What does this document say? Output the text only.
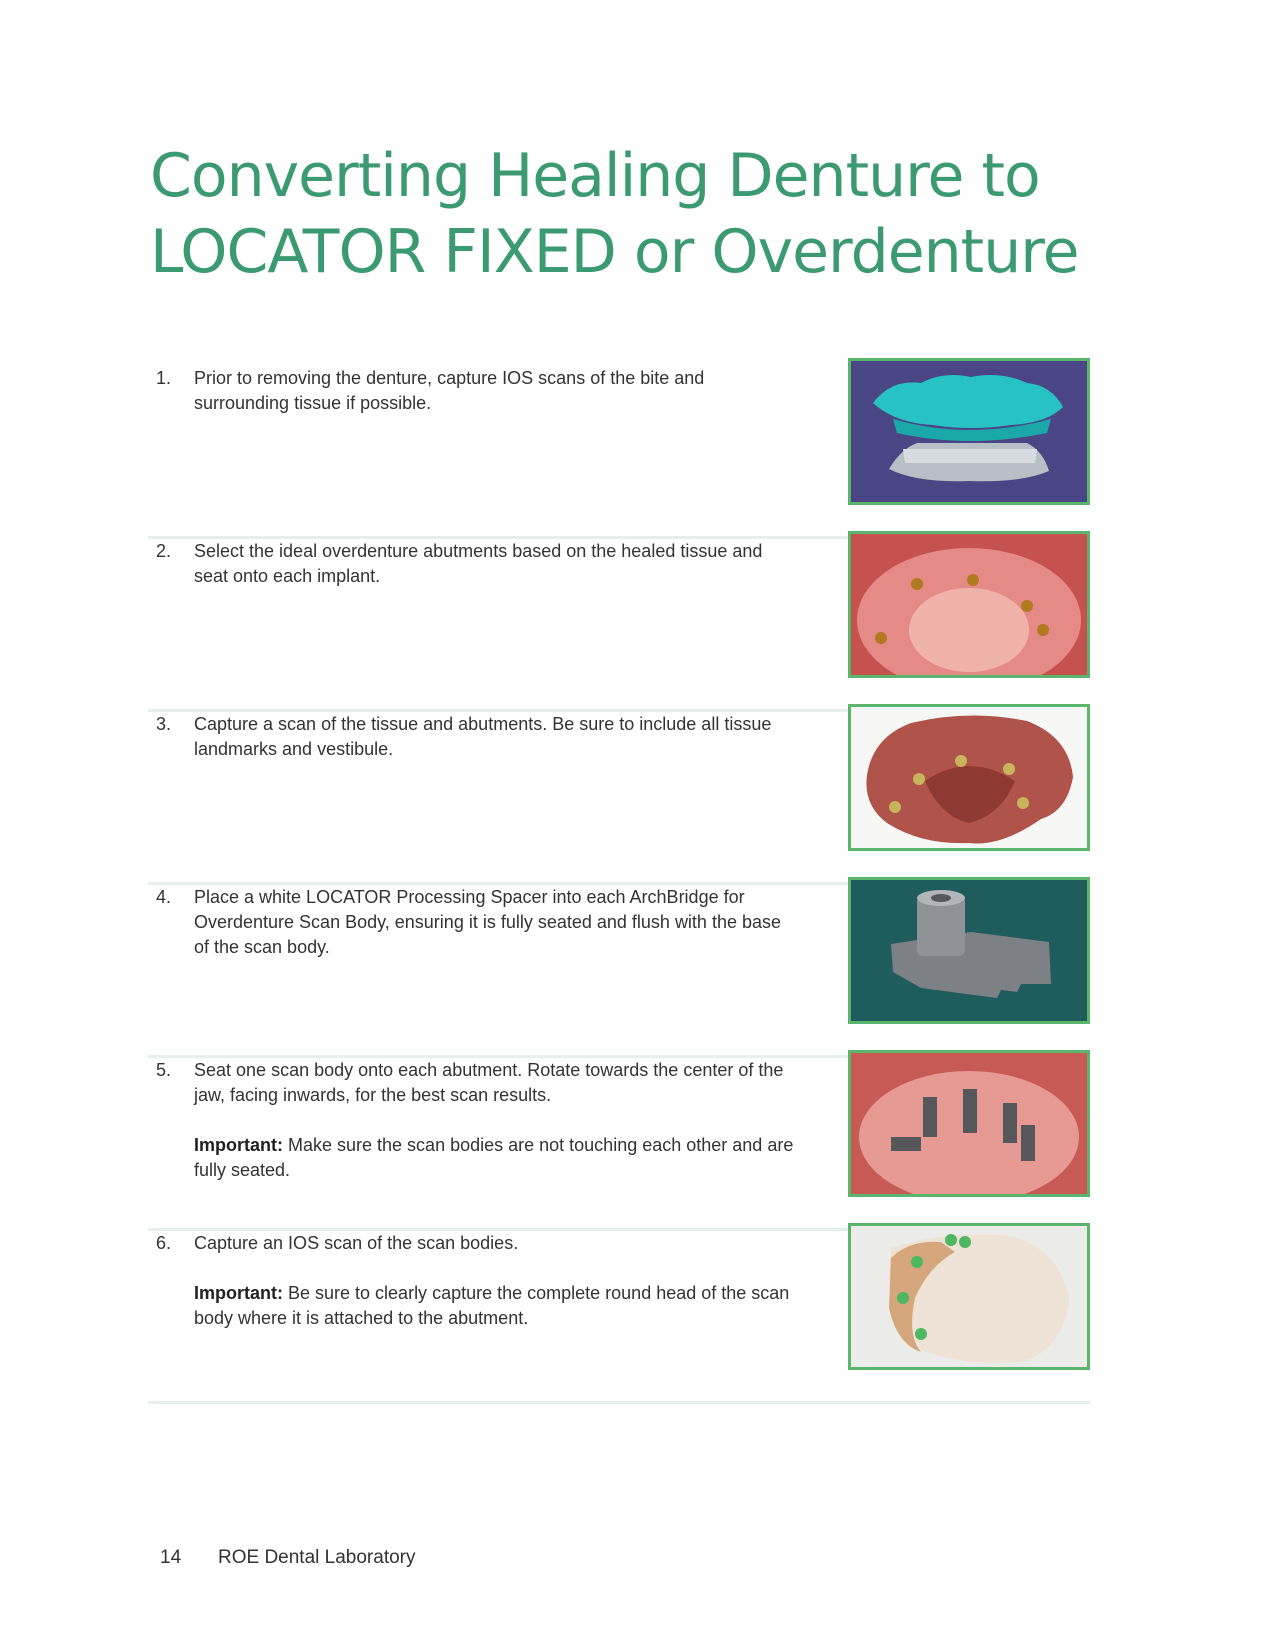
Converting Healing Denture to
LOCATOR FIXED or Overdenture
1. Prior to removing the denture, capture IOS scans of the bite and surrounding tissue if possible.

2. Select the ideal overdenture abutments based on the healed tissue and seat onto each implant.

3. Capture a scan of the tissue and abutments. Be sure to include all tissue landmarks and vestibule.

4. Place a white LOCATOR Processing Spacer into each ArchBridge for Overdenture Scan Body, ensuring it is fully seated and flush with the base of the scan body.

5. Seat one scan body onto each abutment. Rotate towards the center of the jaw, facing inwards, for the best scan results.

Important: Make sure the scan bodies are not touching each other and are fully seated.

6. Capture an IOS scan of the scan bodies.

Important: Be sure to clearly capture the complete round head of the scan body where it is attached to the abutment.

14 ROE Dental Laboratory
